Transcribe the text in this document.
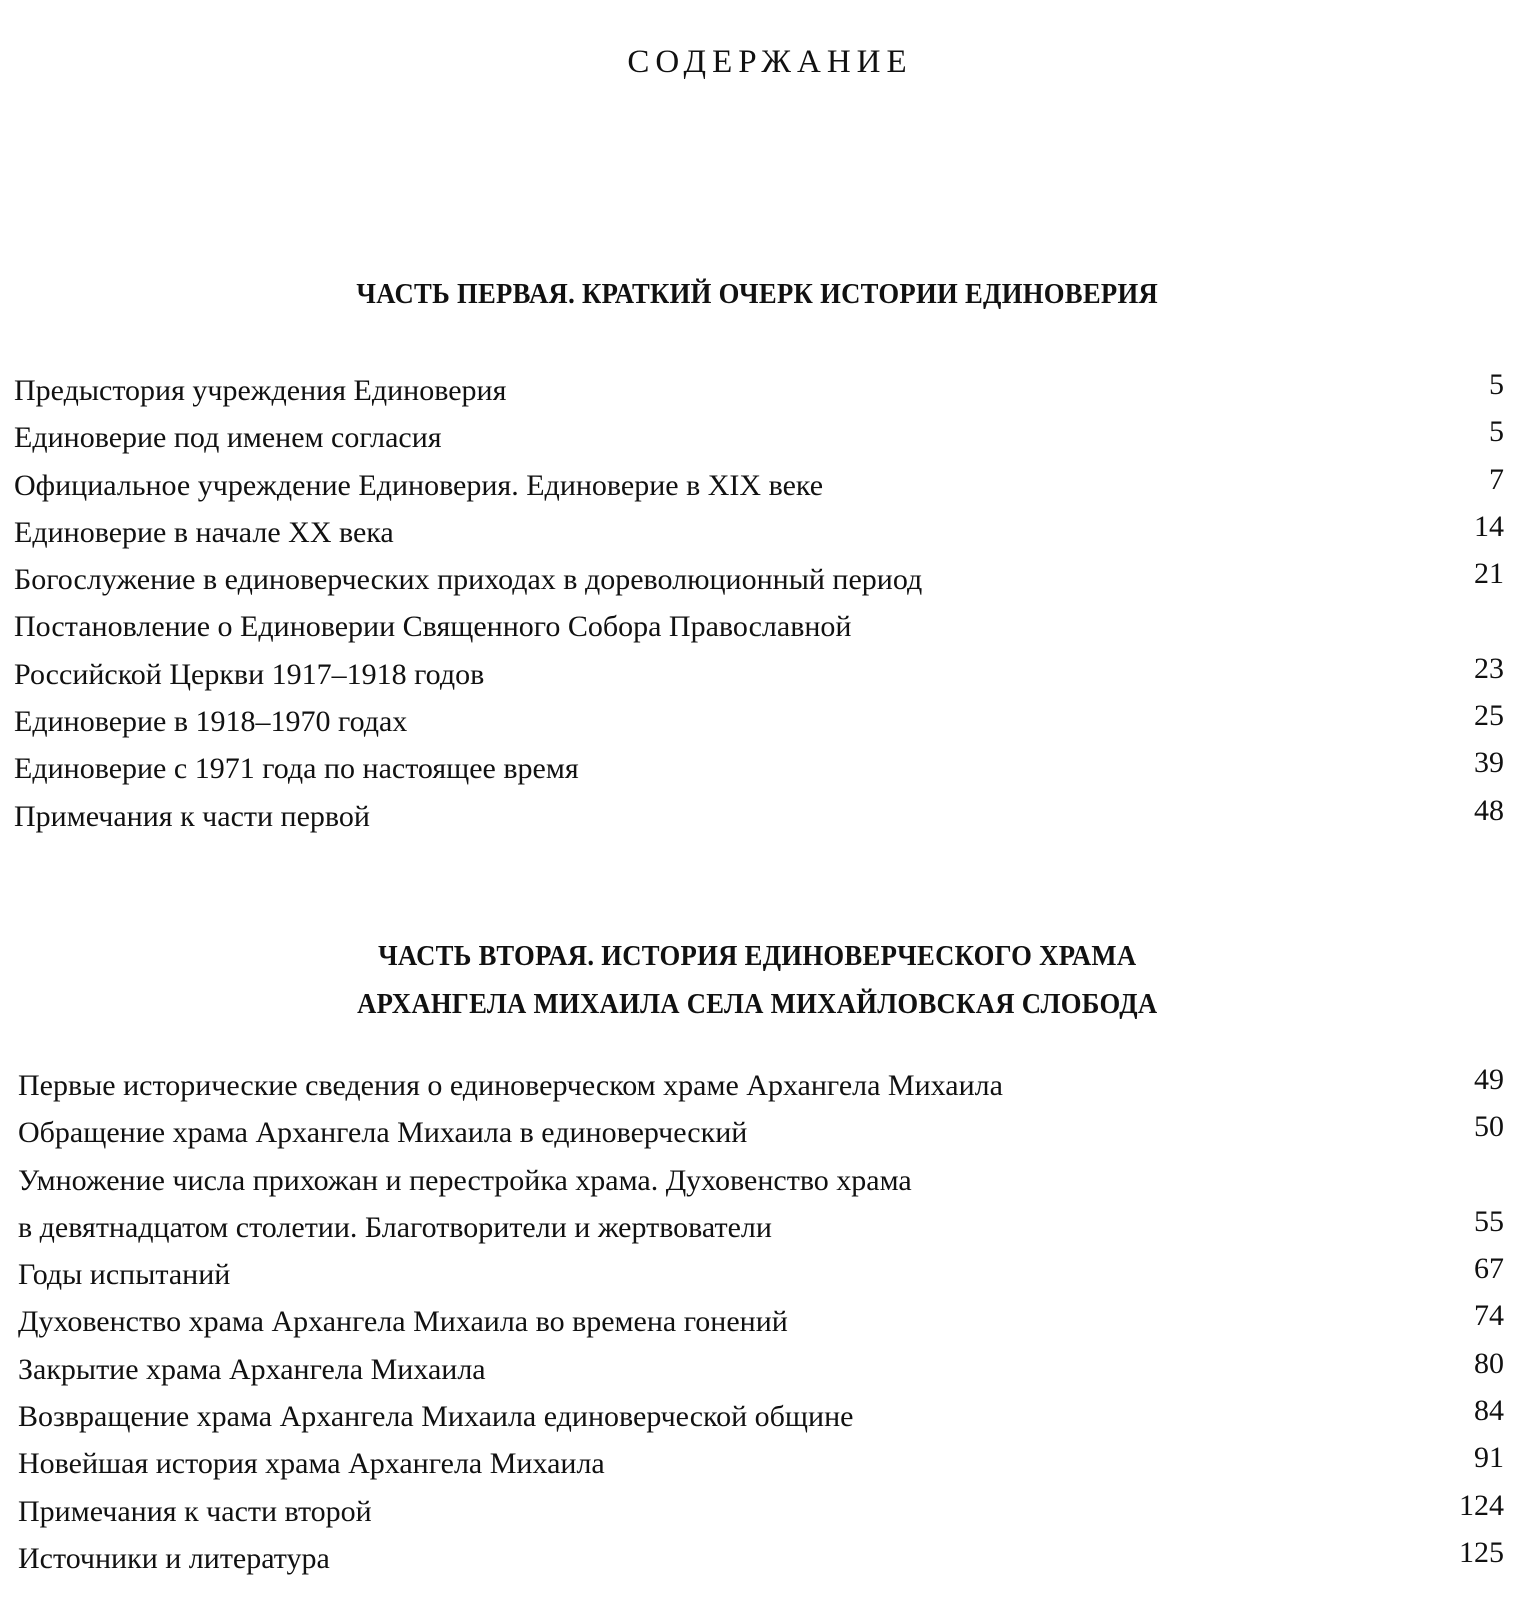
СОДЕРЖАНИЕ
ЧАСТЬ ПЕРВАЯ. КРАТКИЙ ОЧЕРК ИСТОРИИ ЕДИНОВЕРИЯ
Предыстория учреждения Единоверия	5
Единоверие под именем согласия	5
Официальное учреждение Единоверия. Единоверие в XIX веке	7
Единоверие в начале XX века	14
Богослужение в единоверческих приходах в дореволюционный период	21
Постановление о Единоверии Священного Собора Православной
Российской Церкви 1917–1918 годов	23
Единоверие в 1918–1970 годах	25
Единоверие с 1971 года по настоящее время	39
Примечания к части первой	48
ЧАСТЬ ВТОРАЯ. ИСТОРИЯ ЕДИНОВЕРЧЕСКОГО ХРАМА
АРХАНГЕЛА МИХАИЛА СЕЛА МИХАЙЛОВСКАЯ СЛОБОДА
Первые исторические сведения о единоверческом храме Архангела Михаила	49
Обращение храма Архангела Михаила в единоверческий	50
Умножение числа прихожан и перестройка храма. Духовенство храма
в девятнадцатом столетии. Благотворители и жертвователи	55
Годы испытаний	67
Духовенство храма Архангела Михаила во времена гонений	74
Закрытие храма Архангела Михаила	80
Возвращение храма Архангела Михаила единоверческой общине	84
Новейшая история храма Архангела Михаила	91
Примечания к части второй	124
Источники и литература	125
